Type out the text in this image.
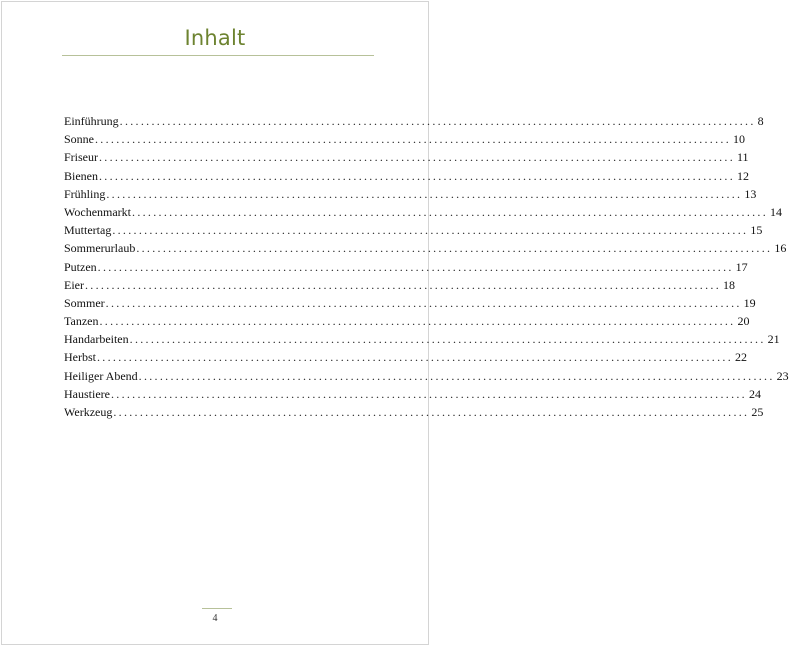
Inhalt
Einführung ........................................................................................................................ 8
Sonne ........................................................................................................................ 10
Friseur ........................................................................................................................ 11
Bienen ........................................................................................................................ 12
Frühling ........................................................................................................................ 13
Wochenmarkt ........................................................................................................................ 14
Muttertag ........................................................................................................................ 15
Sommerurlaub ........................................................................................................................ 16
Putzen ........................................................................................................................ 17
Eier ........................................................................................................................ 18
Sommer ........................................................................................................................ 19
Tanzen ........................................................................................................................ 20
Handarbeiten ........................................................................................................................ 21
Herbst ........................................................................................................................ 22
Heiliger Abend ........................................................................................................................ 23
Haustiere ........................................................................................................................ 24
Werkzeug ........................................................................................................................ 25
4
